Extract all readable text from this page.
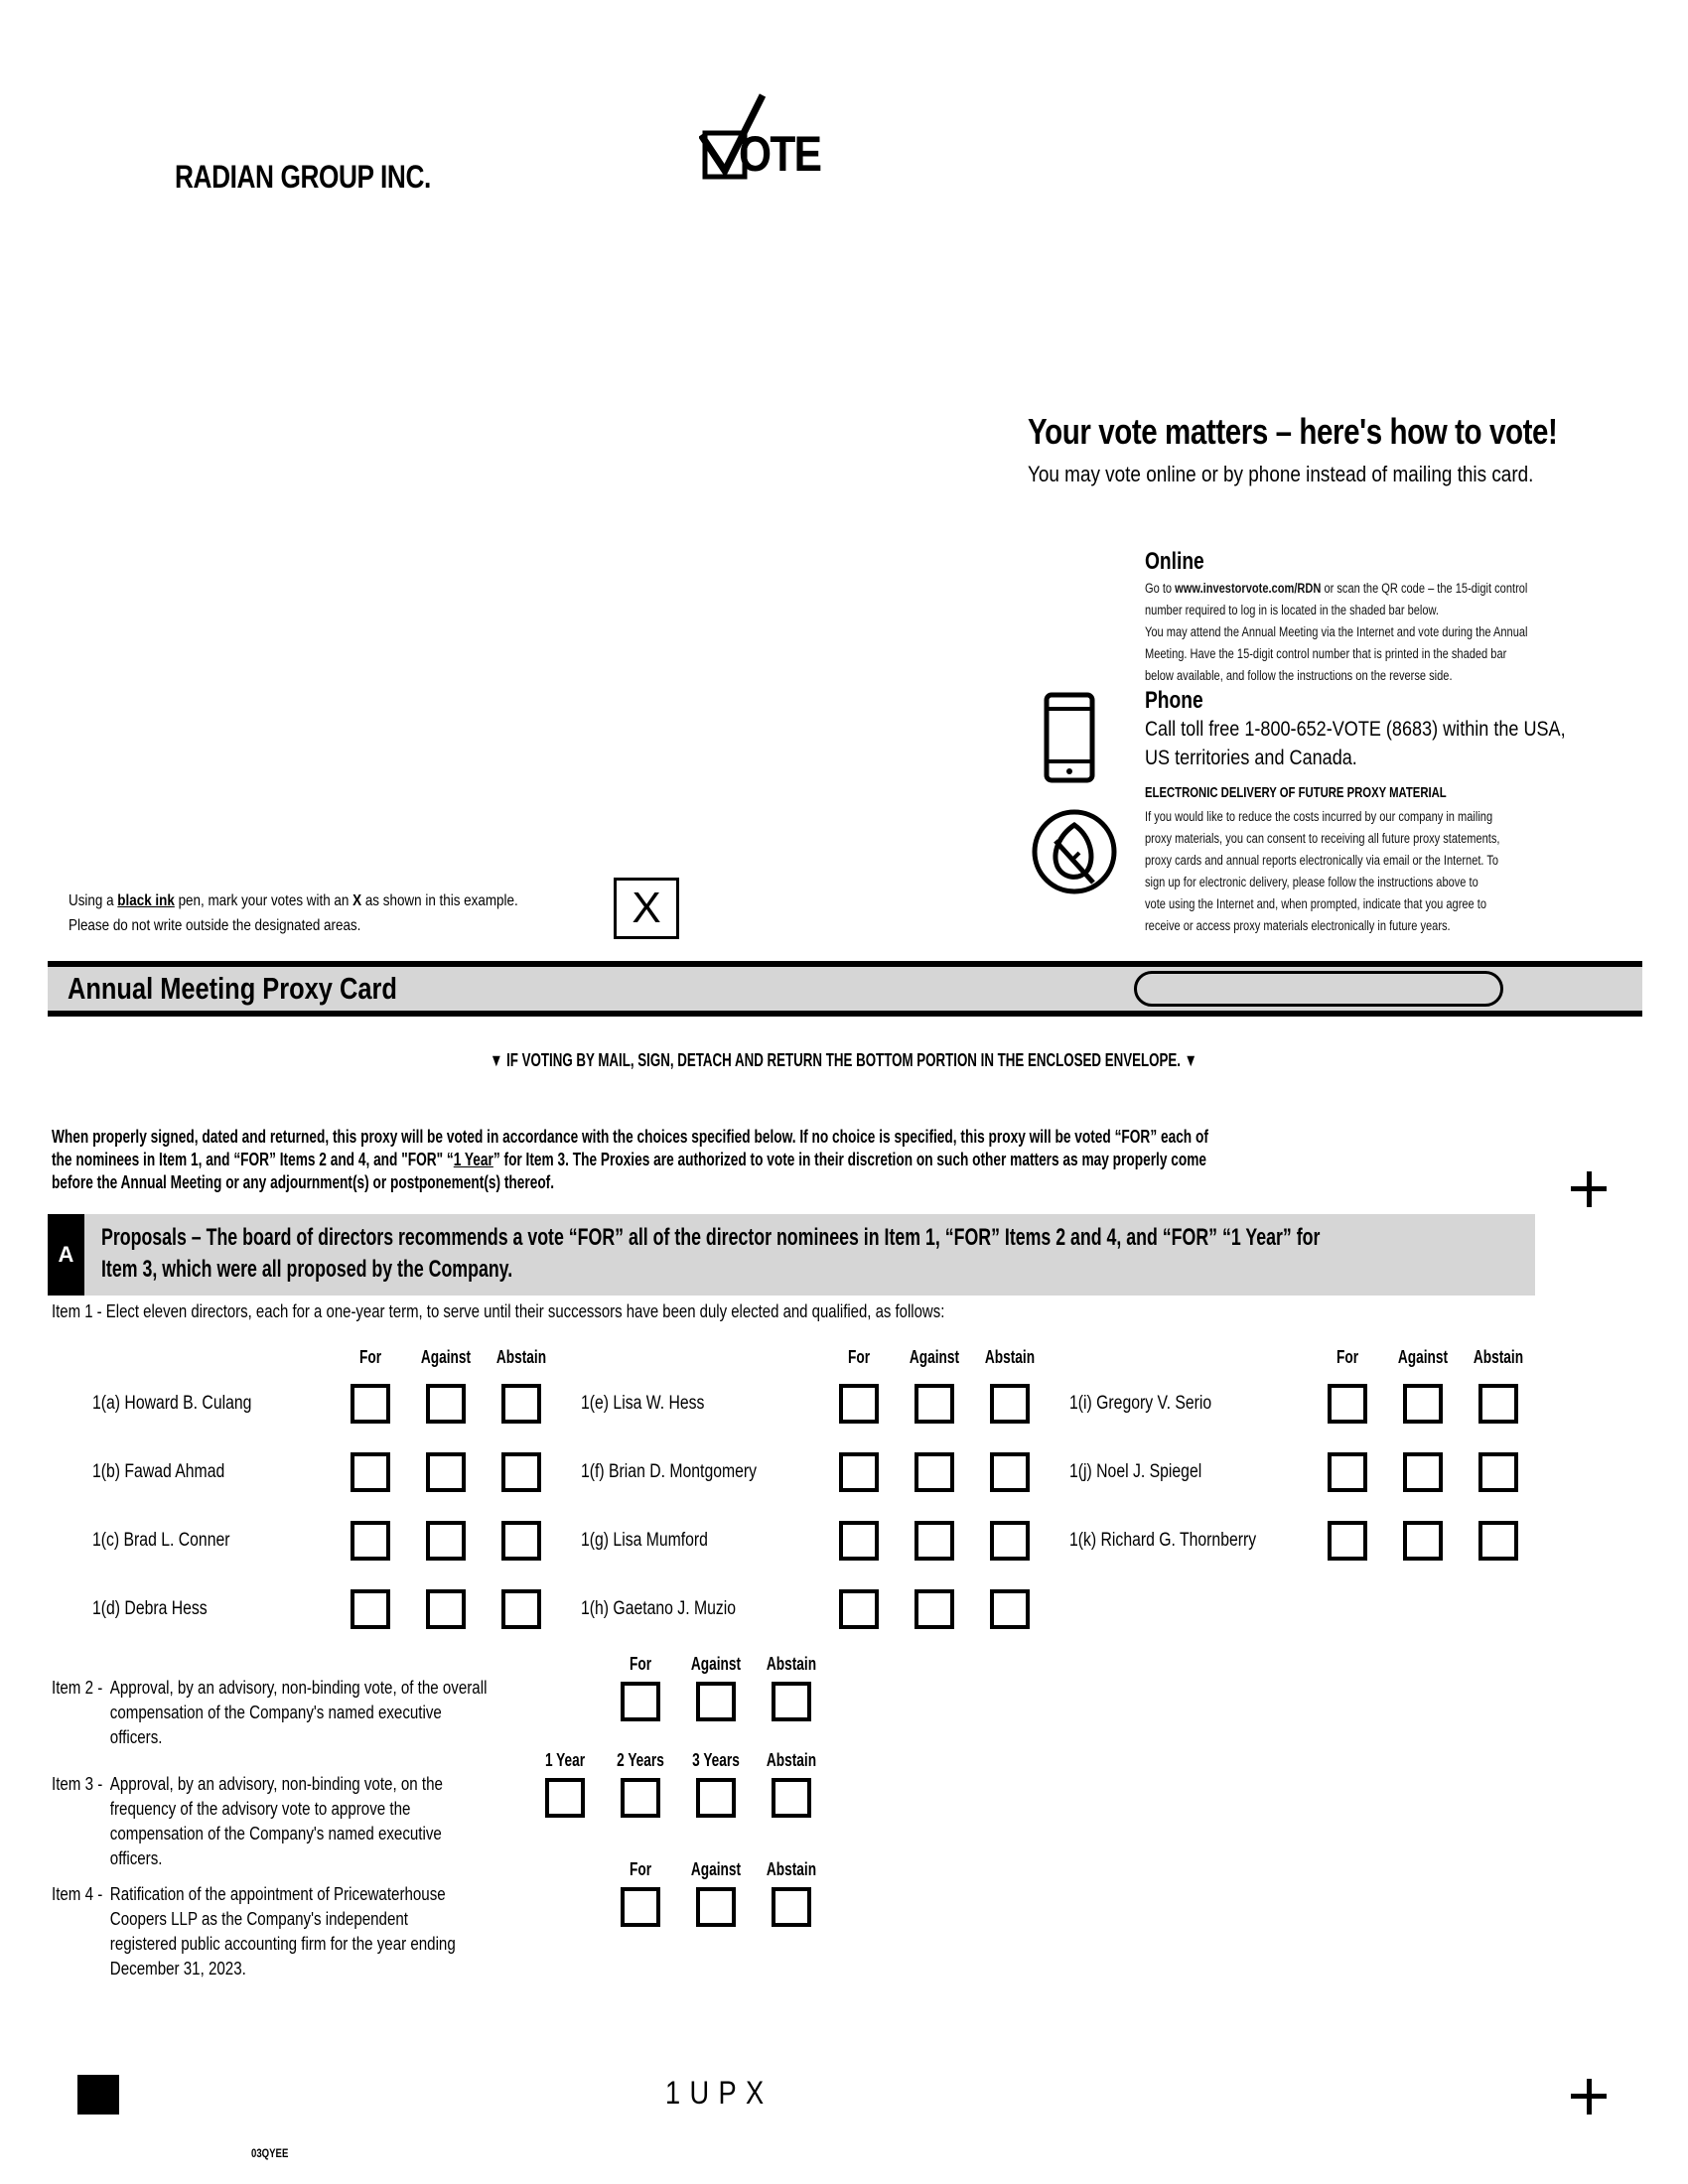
RADIAN GROUP INC.	OTE
Your vote matters – here's how to vote!
You may vote online or by phone instead of mailing this card.
Online
Go to www.investorvote.com/RDN or scan the QR code – the 15-digit control
number required to log in is located in the shaded bar below.
You may attend the Annual Meeting via the Internet and vote during the Annual
Meeting. Have the 15-digit control number that is printed in the shaded bar
below available, and follow the instructions on the reverse side.
Phone
Call toll free 1-800-652-VOTE (8683) within the USA,
US territories and Canada.
ELECTRONIC DELIVERY OF FUTURE PROXY MATERIAL
If you would like to reduce the costs incurred by our company in mailing
proxy materials, you can consent to receiving all future proxy statements,
proxy cards and annual reports electronically via email or the Internet. To
sign up for electronic delivery, please follow the instructions above to
vote using the Internet and, when prompted, indicate that you agree to
receive or access proxy materials electronically in future years.
Using a black ink pen, mark your votes with an X as shown in this example.
Please do not write outside the designated areas.	X
Annual Meeting Proxy Card
▼ IF VOTING BY MAIL, SIGN, DETACH AND RETURN THE BOTTOM PORTION IN THE ENCLOSED ENVELOPE. ▼
When properly signed, dated and returned, this proxy will be voted in accordance with the choices specified below. If no choice is specified, this proxy will be voted “FOR” each of
the nominees in Item 1, and “FOR” Items 2 and 4, and "FOR" “1 Year” for Item 3. The Proxies are authorized to vote in their discretion on such other matters as may properly come
before the Annual Meeting or any adjournment(s) or postponement(s) thereof.
A
Proposals – The board of directors recommends a vote “FOR” all of the director nominees in Item 1, “FOR” Items 2 and 4, and “FOR” “1 Year” for
Item 3, which were all proposed by the Company.
Item 1 - Elect eleven directors, each for a one-year term, to serve until their successors have been duly elected and qualified, as follows:
For	Against Abstain	For	Against Abstain	For	Against Abstain
1(a) Howard B. Culang
1(b) Fawad Ahmad
1(c) Brad L. Conner
1(d) Debra Hess
1(e) Lisa W. Hess
1(f) Brian D. Montgomery
1(g) Lisa Mumford
1(h) Gaetano J. Muzio
1(i) Gregory V. Serio
1(j) Noel J. Spiegel
1(k) Richard G. Thornberry
For	Against Abstain
Item 2 - Approval, by an advisory, non-binding vote, of the overall
compensation of the Company's named executive
officers.
1 Year	2 Years	3 Years	Abstain
Item 3 - Approval, by an advisory, non-binding vote, on the
frequency of the advisory vote to approve the
compensation of the Company's named executive
officers.
For	Against Abstain
Item 4 - Ratification of the appointment of Pricewaterhouse
Coopers LLP as the Company's independent
registered public accounting firm for the year ending
December 31, 2023.
1UPX
03QYEE
